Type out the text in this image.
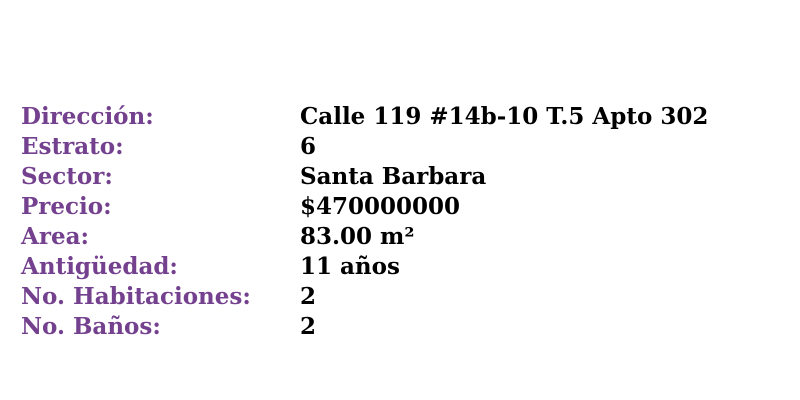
Dirección:	Calle 119 #14b-10 T.5 Apto 302
Estrato:	6
Sector:	Santa Barbara
Precio:	$470000000
Area:	83.00 m²
Antigüedad:	11 años
No. Habitaciones:	2
No. Baños:	2
